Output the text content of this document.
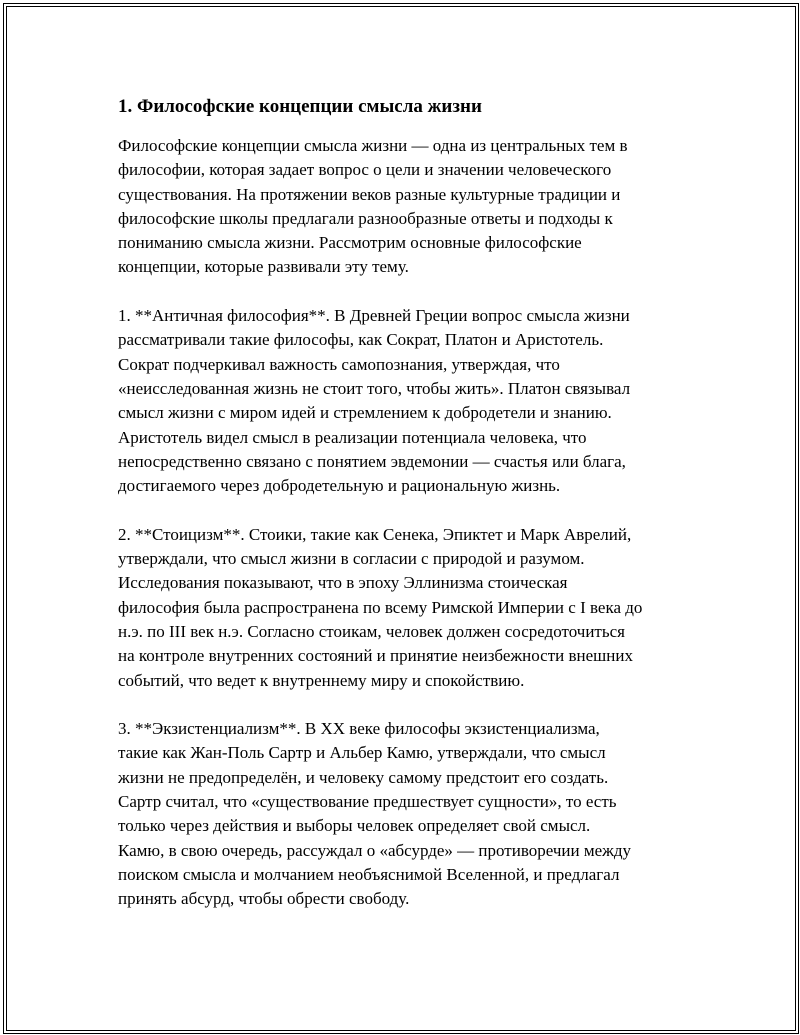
1. Философские концепции смысла жизни
Философские концепции смысла жизни — одна из центральных тем в
философии, которая задает вопрос о цели и значении человеческого
существования. На протяжении веков разные культурные традиции и
философские школы предлагали разнообразные ответы и подходы к
пониманию смысла жизни. Рассмотрим основные философские
концепции, которые развивали эту тему.
1. **Античная философия**. В Древней Греции вопрос смысла жизни
рассматривали такие философы, как Сократ, Платон и Аристотель.
Сократ подчеркивал важность самопознания, утверждая, что
«неисследованная жизнь не стоит того, чтобы жить». Платон связывал
смысл жизни с миром идей и стремлением к добродетели и знанию.
Аристотель видел смысл в реализации потенциала человека, что
непосредственно связано с понятием эвдемонии — счастья или блага,
достигаемого через добродетельную и рациональную жизнь.
2. **Стоицизм**. Стоики, такие как Сенека, Эпиктет и Марк Аврелий,
утверждали, что смысл жизни в согласии с природой и разумом.
Исследования показывают, что в эпоху Эллинизма стоическая
философия была распространена по всему Римской Империи с I века до
н.э. по III век н.э. Согласно стоикам, человек должен сосредоточиться
на контроле внутренних состояний и принятие неизбежности внешних
событий, что ведет к внутреннему миру и спокойствию.
3. **Экзистенциализм**. В XX веке философы экзистенциализма,
такие как Жан-Поль Сартр и Альбер Камю, утверждали, что смысл
жизни не предопределён, и человеку самому предстоит его создать.
Сартр считал, что «существование предшествует сущности», то есть
только через действия и выборы человек определяет свой смысл.
Камю, в свою очередь, рассуждал о «абсурде» — противоречии между
поиском смысла и молчанием необъяснимой Вселенной, и предлагал
принять абсурд, чтобы обрести свободу.
